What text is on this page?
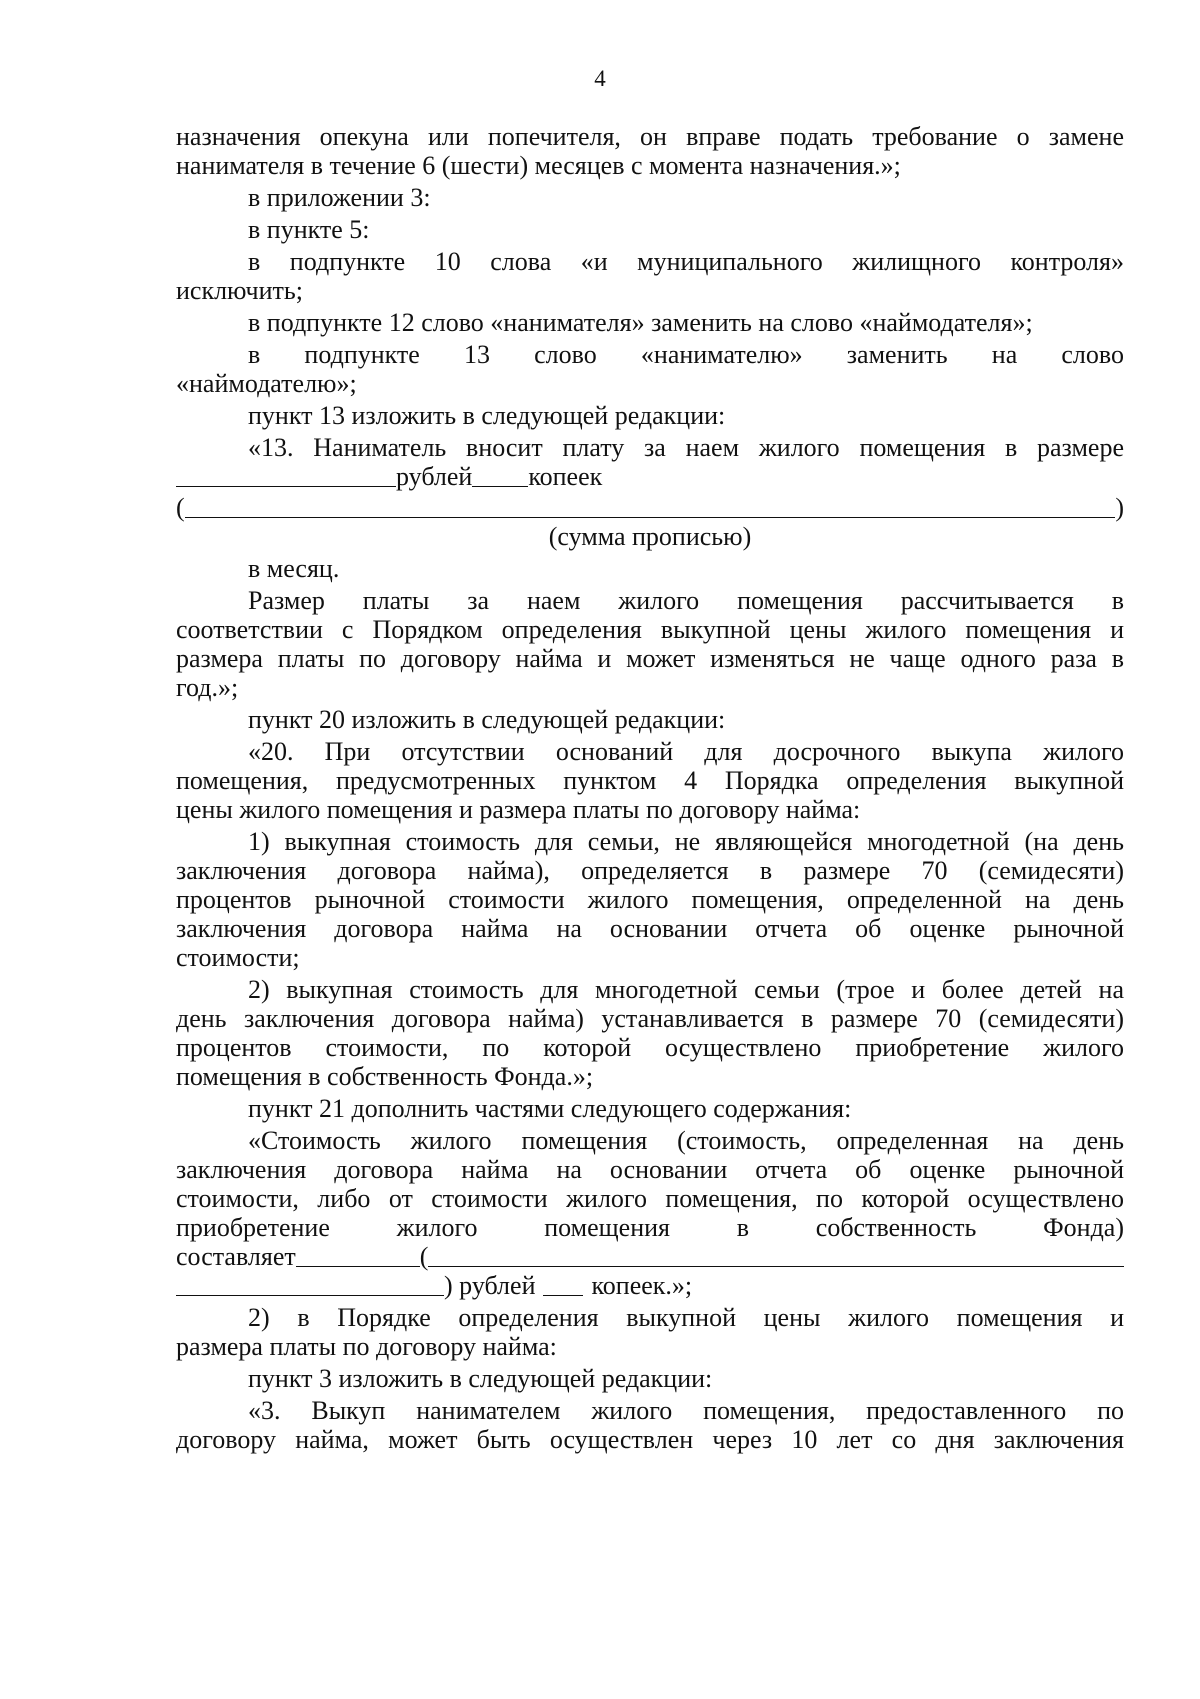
4

назначения опекуна или попечителя, он вправе подать требование о замене

нанимателя в течение 6 (шести) месяцев с момента назначения.»;

в приложении 3:

в пункте 5:

в подпункте 10 слова «и муниципального жилищного контроля»

исключить;

в подпункте 12 слово «нанимателя» заменить на слово «наймодателя»;

в подпункте 13 слово «нанимателю» заменить на слово

«наймодателю»;

пункт 13 изложить в следующей редакции:

«13. Наниматель вносит плату за наем жилого помещения в размере

рублей копеек
(	)

(сумма прописью)

в месяц.

Размер платы за наем жилого помещения рассчитывается в

соответствии с Порядком определения выкупной цены жилого помещения и

размера платы по договору найма и может изменяться не чаще одного раза в

год.»;

пункт 20 изложить в следующей редакции:

«20. При отсутствии оснований для досрочного выкупа жилого

помещения, предусмотренных пунктом 4 Порядка определения выкупной

цены жилого помещения и размера платы по договору найма:

1) выкупная стоимость для семьи, не являющейся многодетной (на день

заключения договора найма), определяется в размере 70 (семидесяти)

процентов рыночной стоимости жилого помещения, определенной на день

заключения договора найма на основании отчета об оценке рыночной

стоимости;

2) выкупная стоимость для многодетной семьи (трое и более детей на

день заключения договора найма) устанавливается в размере 70 (семидесяти)

процентов стоимости, по которой осуществлено приобретение жилого

помещения в собственность Фонда.»;

пункт 21 дополнить частями следующего содержания:

«Стоимость жилого помещения (стоимость, определенная на день

заключения договора найма на основании отчета об оценке рыночной

стоимости, либо от стоимости жилого помещения, по которой осуществлено

приобретение жилого помещения в собственность Фонда)

составляет	(
) рублей копеек.»;

2) в Порядке определения выкупной цены жилого помещения и

размера платы по договору найма:

пункт 3 изложить в следующей редакции:

«3. Выкуп нанимателем жилого помещения, предоставленного по

договору найма, может быть осуществлен через 10 лет со дня заключения
